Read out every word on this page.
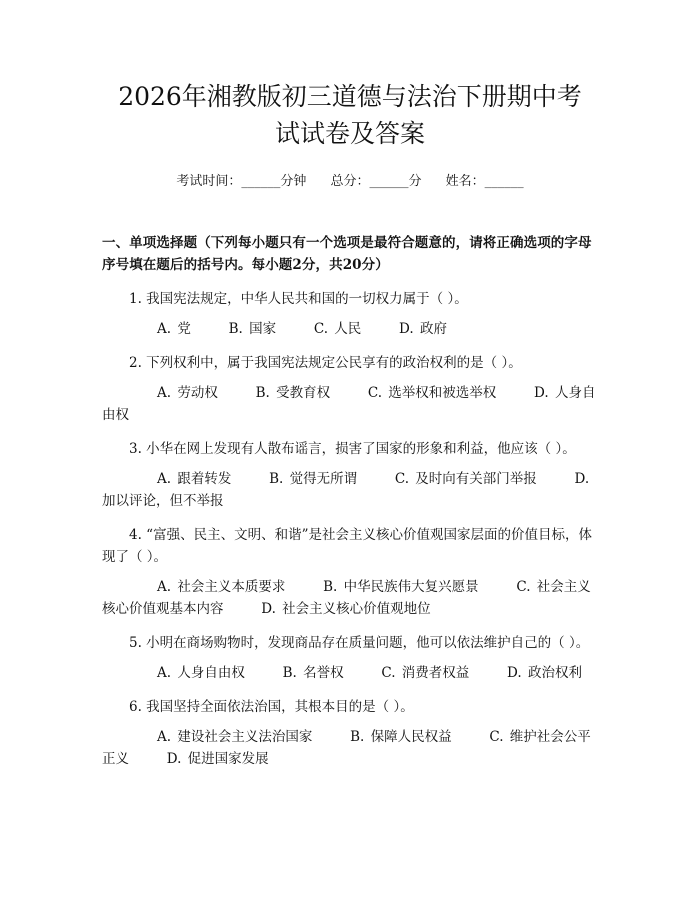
2026年湘教版初三道德与法治下册期中考试试卷及答案
考试时间：______分钟 总分：______分 姓名：______
一、单项选择题（下列每小题只有一个选项是最符合题意的，请将正确选项的字母序号填在题后的括号内。每小题2分，共20分）

1. 我国宪法规定，中华人民共和国的一切权力属于（ ）。

A. 党	B. 国家	C. 人民	D. 政府

2. 下列权利中，属于我国宪法规定公民享有的政治权利的是（ ）。

A. 劳动权	B. 受教育权	C. 选举权和被选举权	D. 人身自由权

3. 小华在网上发现有人散布谣言，损害了国家的形象和利益，他应该（ ）。

A. 跟着转发	B. 觉得无所谓	C. 及时向有关部门举报	D. 加以评论，但不举报

4. “富强、民主、文明、和谐”是社会主义核心价值观国家层面的价值目标，体现了（ ）。

A. 社会主义本质要求	B. 中华民族伟大复兴愿景	C. 社会主义核心价值观基本内容	D. 社会主义核心价值观地位

5. 小明在商场购物时，发现商品存在质量问题，他可以依法维护自己的（ ）。

A. 人身自由权	B. 名誉权	C. 消费者权益	D. 政治权利

6. 我国坚持全面依法治国，其根本目的是（ ）。

A. 建设社会主义法治国家	B. 保障人民权益	C. 维护社会公平正义	D. 促进国家发展
